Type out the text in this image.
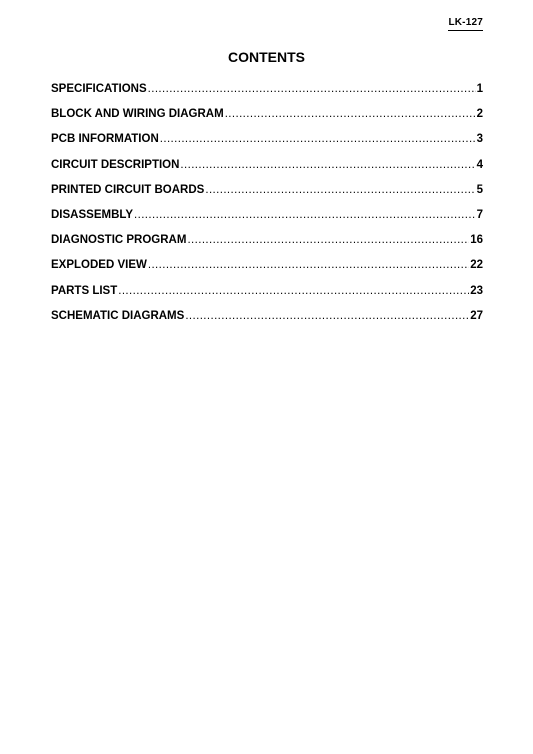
LK-127
CONTENTS
SPECIFICATIONS .....	1
BLOCK AND WIRING DIAGRAM .....	2
PCB INFORMATION .....	3
CIRCUIT DESCRIPTION .....	4
PRINTED CIRCUIT BOARDS .....	5
DISASSEMBLY .....	7
DIAGNOSTIC PROGRAM .....	16
EXPLODED VIEW .....	22
PARTS LIST .....	23
SCHEMATIC DIAGRAMS .....	27
